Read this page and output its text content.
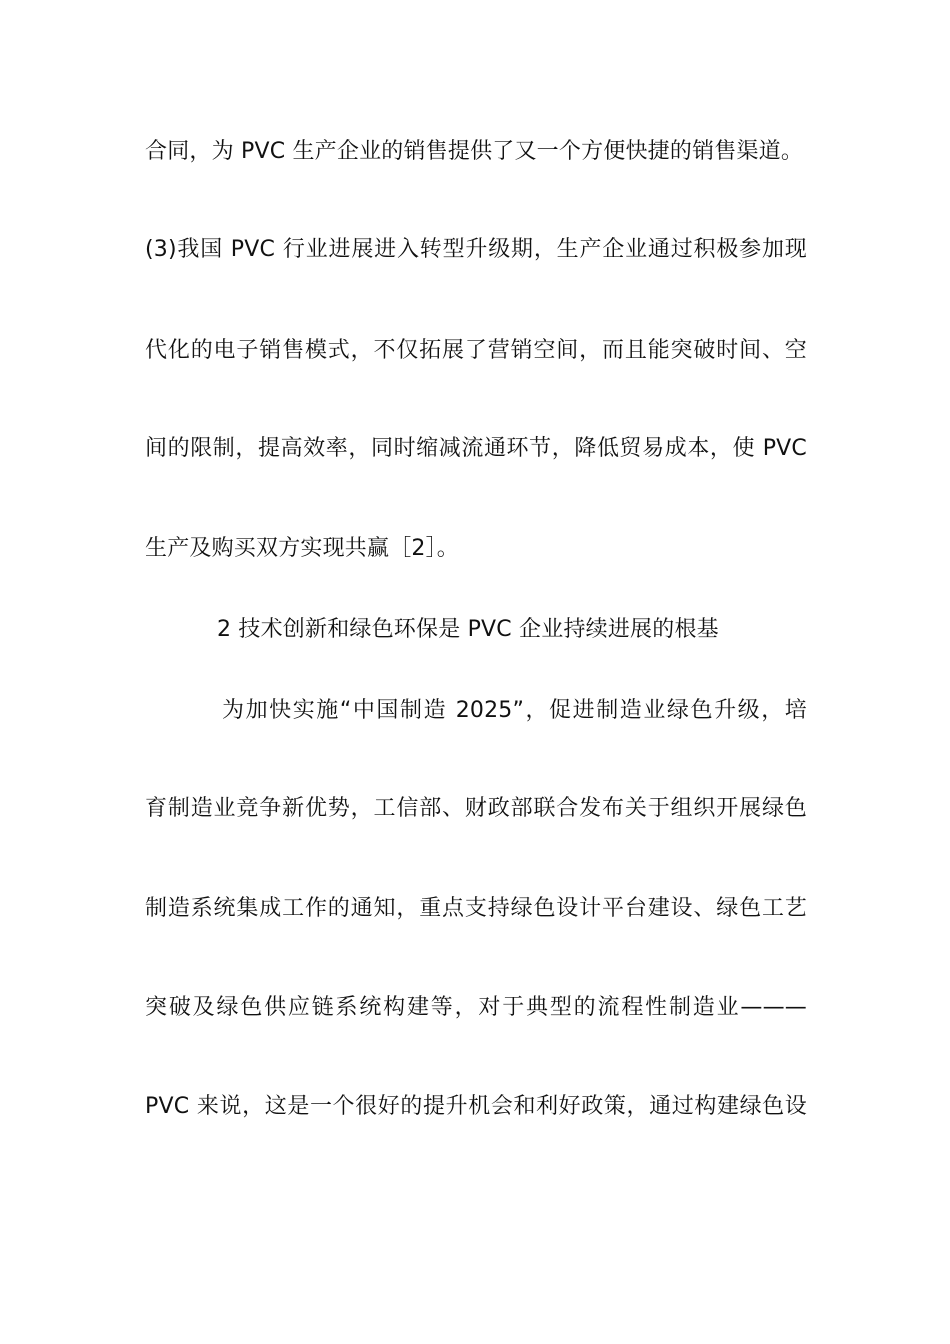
合同，为 PVC 生产企业的销售提供了又一个方便快捷的销售渠道。
(3)我国 PVC 行业进展进入转型升级期，生产企业通过积极参加现
代化的电子销售模式，不仅拓展了营销空间，而且能突破时间、空
间的限制，提高效率，同时缩减流通环节，降低贸易成本，使 PVC
生产及购买双方实现共赢［2］。
2 技术创新和绿色环保是 PVC 企业持续进展的根基
为加快实施“中国制造 2025”，促进制造业绿色升级，培
育制造业竞争新优势，工信部、财政部联合发布关于组织开展绿色
制造系统集成工作的通知，重点支持绿色设计平台建设、绿色工艺
突破及绿色供应链系统构建等，对于典型的流程性制造业———
PVC 来说，这是一个很好的提升机会和利好政策，通过构建绿色设
